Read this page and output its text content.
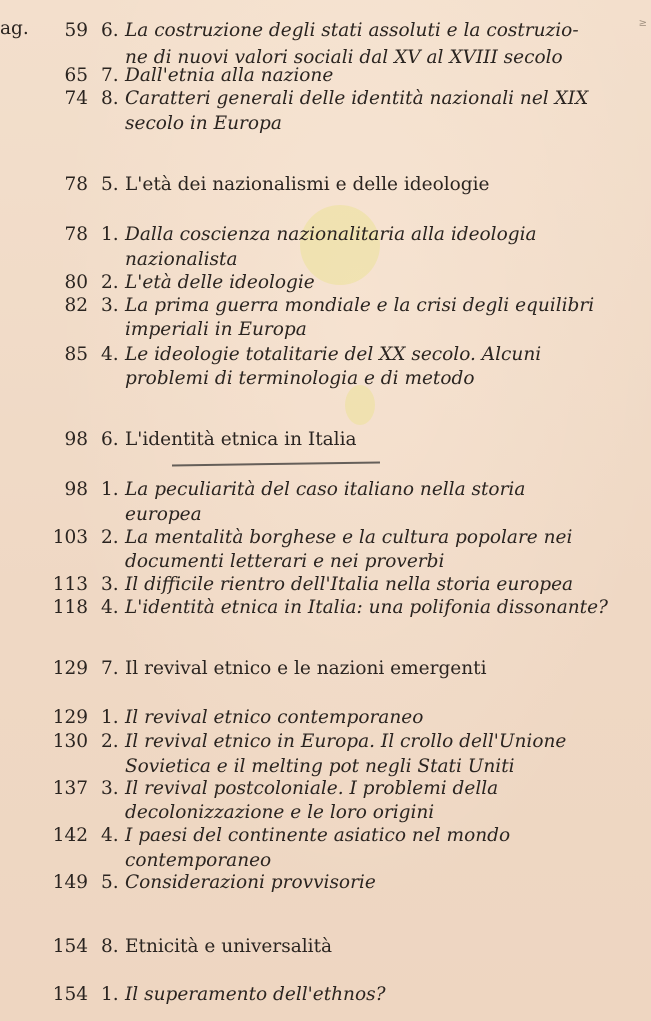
ag.	≥
59 6. La costruzione degli stati assoluti e la costruzio-
ne di nuovi valori sociali dal XV al XVIII secolo
65 7. Dall'etnia alla nazione
74 8. Caratteri generali delle identità nazionali nel XIX
secolo in Europa
78 5. L'età dei nazionalismi e delle ideologie
78 1. Dalla coscienza nazionalitaria alla ideologia
nazionalista
80 2. L'età delle ideologie
82 3. La prima guerra mondiale e la crisi degli equilibri
imperiali in Europa
85 4. Le ideologie totalitarie del XX secolo. Alcuni
problemi di terminologia e di metodo
98 6. L'identità etnica in Italia
98 1. La peculiarità del caso italiano nella storia
europea
103 2. La mentalità borghese e la cultura popolare nei
documenti letterari e nei proverbi
113 3. Il difficile rientro dell'Italia nella storia europea
118 4. L'identità etnica in Italia: una polifonia dissonante?
129 7. Il revival etnico e le nazioni emergenti
129 1. Il revival etnico contemporaneo
130 2. Il revival etnico in Europa. Il crollo dell'Unione
Sovietica e il melting pot negli Stati Uniti
137 3. Il revival postcoloniale. I problemi della
decolonizzazione e le loro origini
142 4. I paesi del continente asiatico nel mondo
contemporaneo
149 5. Considerazioni provvisorie
154 8. Etnicità e universalità
154 1. Il superamento dell'ethnos?
